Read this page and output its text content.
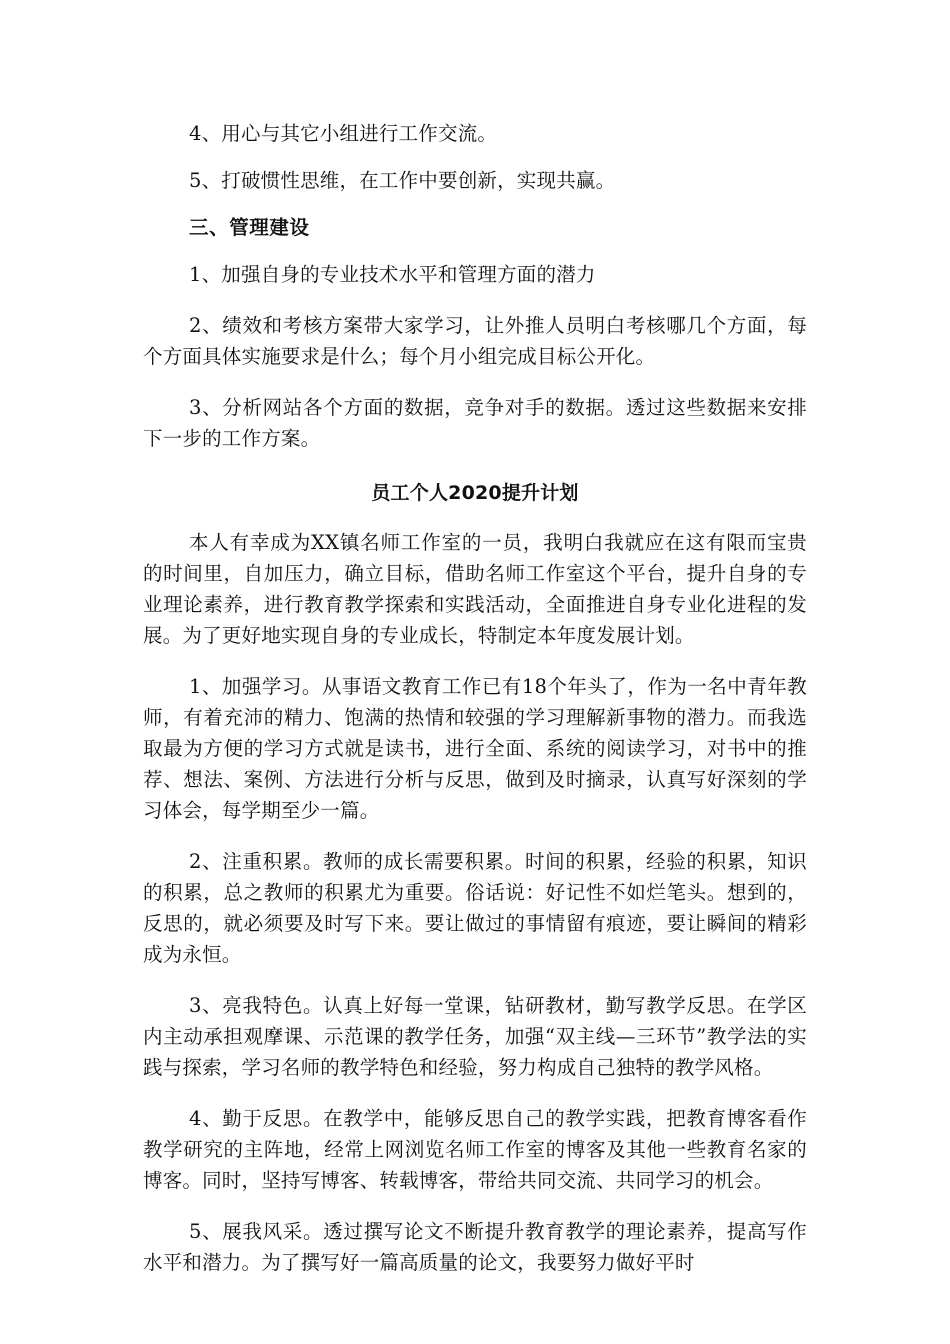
4、用心与其它小组进行工作交流。

5、打破惯性思维，在工作中要创新，实现共赢。

三、管理建设

1、加强自身的专业技术水平和管理方面的潜力

2、绩效和考核方案带大家学习，让外推人员明白考核哪几个方面，每个方面具体实施要求是什么；每个月小组完成目标公开化。

3、分析网站各个方面的数据，竞争对手的数据。透过这些数据来安排下一步的工作方案。

员工个人2020提升计划

本人有幸成为XX镇名师工作室的一员，我明白我就应在这有限而宝贵的时间里，自加压力，确立目标，借助名师工作室这个平台，提升自身的专业理论素养，进行教育教学探索和实践活动，全面推进自身专业化进程的发展。为了更好地实现自身的专业成长，特制定本年度发展计划。

1、加强学习。从事语文教育工作已有18个年头了，作为一名中青年教师，有着充沛的精力、饱满的热情和较强的学习理解新事物的潜力。而我选取最为方便的学习方式就是读书，进行全面、系统的阅读学习，对书中的推荐、想法、案例、方法进行分析与反思，做到及时摘录，认真写好深刻的学习体会，每学期至少一篇。

2、注重积累。教师的成长需要积累。时间的积累，经验的积累，知识的积累，总之教师的积累尤为重要。俗话说：好记性不如烂笔头。想到的，反思的，就必须要及时写下来。要让做过的事情留有痕迹，要让瞬间的精彩成为永恒。

3、亮我特色。认真上好每一堂课，钻研教材，勤写教学反思。在学区内主动承担观摩课、示范课的教学任务，加强“双主线—三环节”教学法的实践与探索，学习名师的教学特色和经验，努力构成自己独特的教学风格。

4、勤于反思。在教学中，能够反思自己的教学实践，把教育博客看作教学研究的主阵地，经常上网浏览名师工作室的博客及其他一些教育名家的博客。同时，坚持写博客、转载博客，带给共同交流、共同学习的机会。

5、展我风采。透过撰写论文不断提升教育教学的理论素养，提高写作水平和潜力。为了撰写好一篇高质量的论文，我要努力做好平时
